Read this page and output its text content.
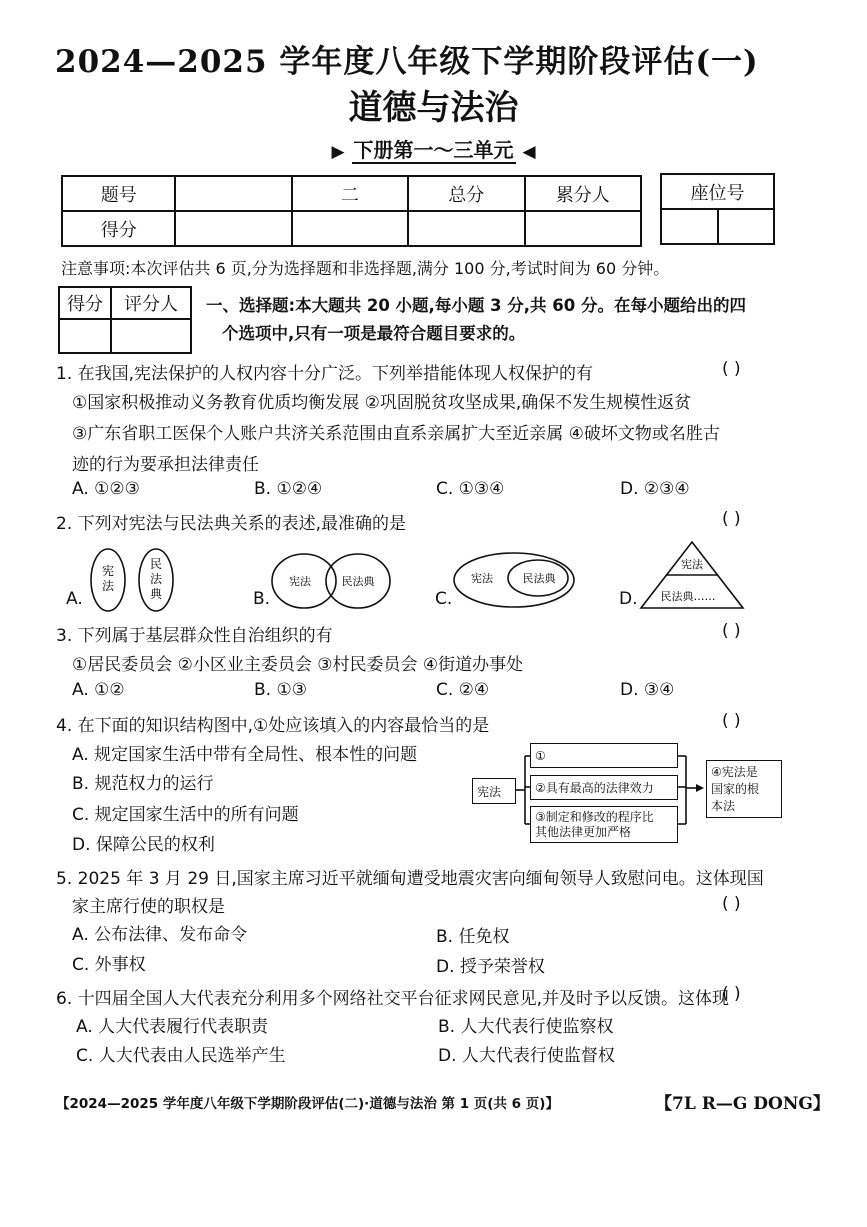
2024—2025 学年度八年级下学期阶段评估(一)
道德与法治
▶ 下册第一～三单元 ◀
题号		二	总分	累分人
得分				
座位号

注意事项:本次评估共 6 页,分为选择题和非选择题,满分 100 分,考试时间为 60 分钟。
得分	评分人
	一、选择题:本大题共 20 小题,每小题 3 分,共 60 分。在每小题给出的四
个选项中,只有一项是最符合题目要求的。
1. 在我国,宪法保护的人权内容十分广泛。下列举措能体现人权保护的有	( )
①国家积极推动义务教育优质均衡发展 ②巩固脱贫攻坚成果,确保不发生规模性返贫
③广东省职工医保个人账户共济关系范围由直系亲属扩大至近亲属 ④破坏文物或名胜古
迹的行为要承担法律责任
A. ①②③	B. ①②④	C. ①③④	D. ②③④
2. 下列对宪法与民法典关系的表述,最准确的是	( )
A.	B.	C.	D.
宪
法
民
法
典
宪法	民法典	宪法	民法典
宪法
民法典……
3. 下列属于基层群众性自治组织的有	( )
①居民委员会 ②小区业主委员会 ③村民委员会 ④街道办事处
A. ①②	B. ①③	C. ②④	D. ③④
4. 在下面的知识结构图中,①处应该填入的内容最恰当的是	( )
A. 规定国家生活中带有全局性、根本性的问题
B. 规范权力的运行
C. 规定国家生活中的所有问题
D. 保障公民的权利
宪法
①
②具有最高的法律效力
③制定和修改的程序比
其他法律更加严格
④宪法是
国家的根
本法
5. 2025 年 3 月 29 日,国家主席习近平就缅甸遭受地震灾害向缅甸领导人致慰问电。这体现国
家主席行使的职权是	( )
A. 公布法律、发布命令	B. 任免权
C. 外事权	D. 授予荣誉权
6. 十四届全国人大代表充分利用多个网络社交平台征求网民意见,并及时予以反馈。这体现
( )
A. 人大代表履行代表职责	B. 人大代表行使监察权
C. 人大代表由人民选举产生	D. 人大代表行使监督权
【2024—2025 学年度八年级下学期阶段评估(二)·道德与法治 第 1 页(共 6 页)】	【7L R—G DONG】
